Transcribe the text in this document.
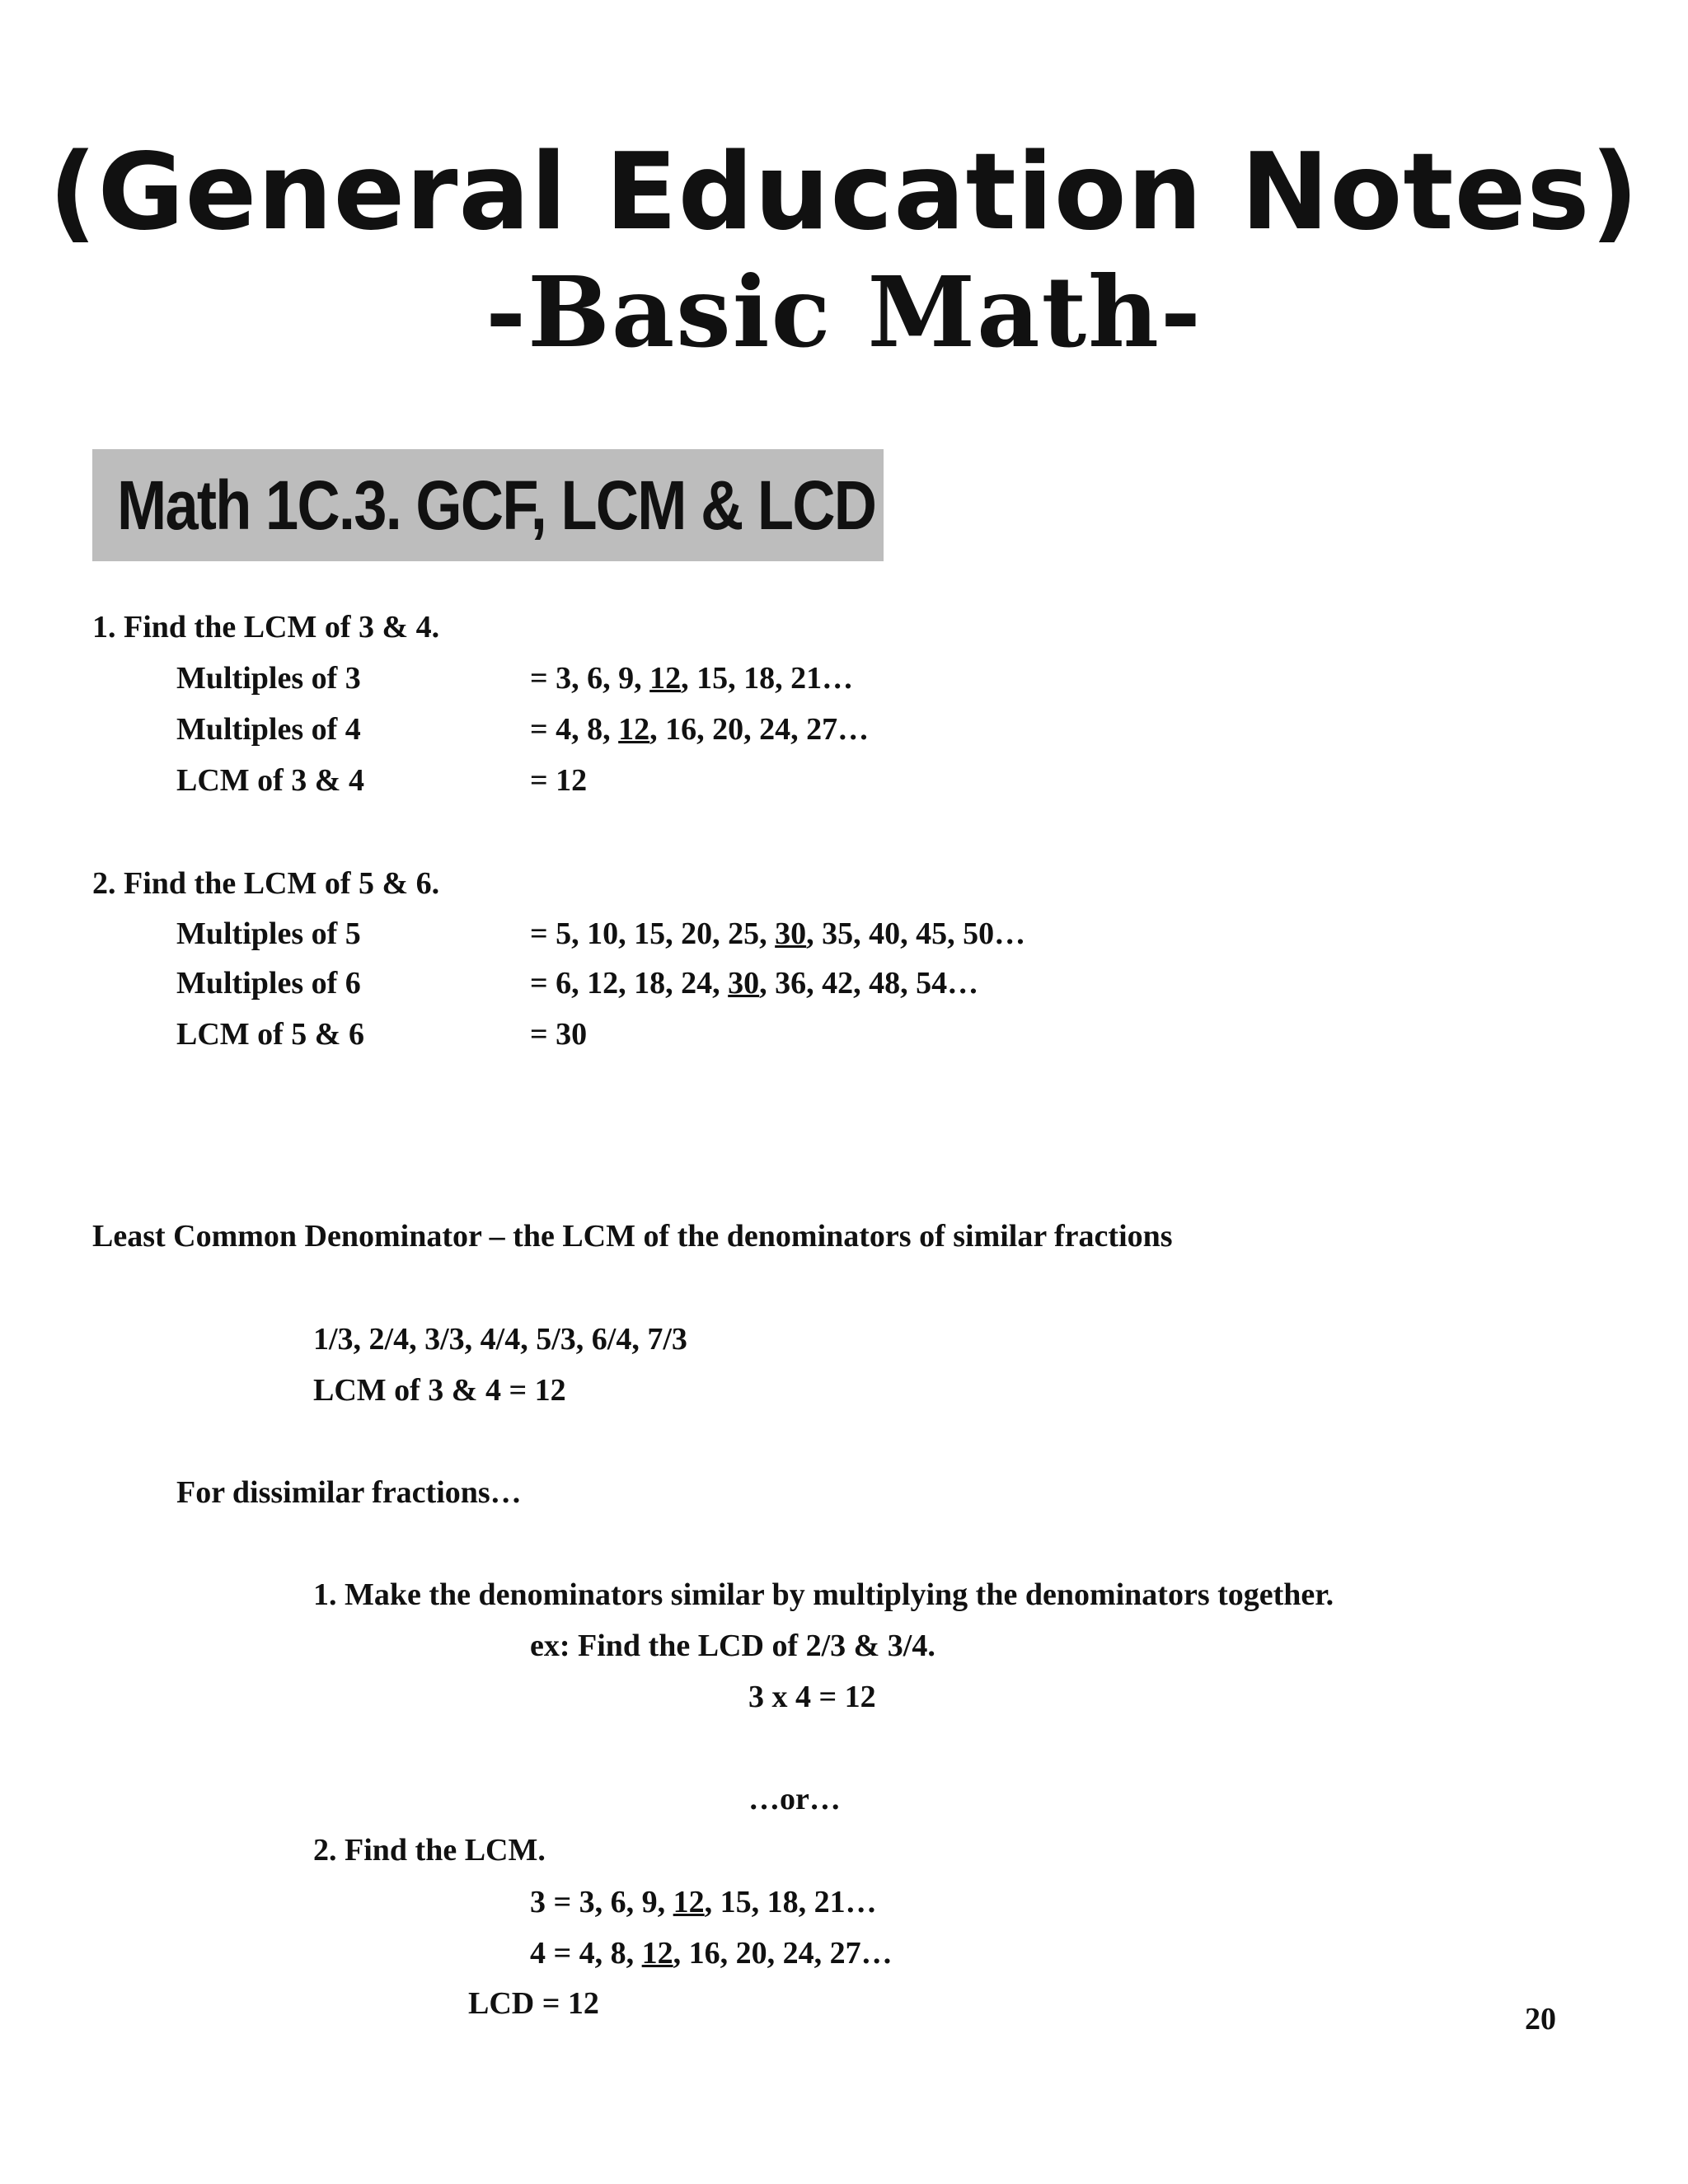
(General Education Notes)
-Basic Math-
Math 1C.3. GCF, LCM & LCD
1. Find the LCM of 3 & 4.
Multiples of 3	= 3, 6, 9, 12, 15, 18, 21…
Multiples of 4	= 4, 8, 12, 16, 20, 24, 27…
LCM of 3 & 4	= 12
2. Find the LCM of 5 & 6.
Multiples of 5	= 5, 10, 15, 20, 25, 30, 35, 40, 45, 50…
Multiples of 6	= 6, 12, 18, 24, 30, 36, 42, 48, 54…
LCM of 5 & 6	= 30
Least Common Denominator – the LCM of the denominators of similar fractions
1/3, 2/4, 3/3, 4/4, 5/3, 6/4, 7/3
LCM of 3 & 4 = 12
For dissimilar fractions…
1. Make the denominators similar by multiplying the denominators together.
ex: Find the LCD of 2/3 & 3/4.
3 x 4 = 12
…or…
2. Find the LCM.
3 = 3, 6, 9, 12, 15, 18, 21…
4 = 4, 8, 12, 16, 20, 24, 27…
LCD = 12	20
